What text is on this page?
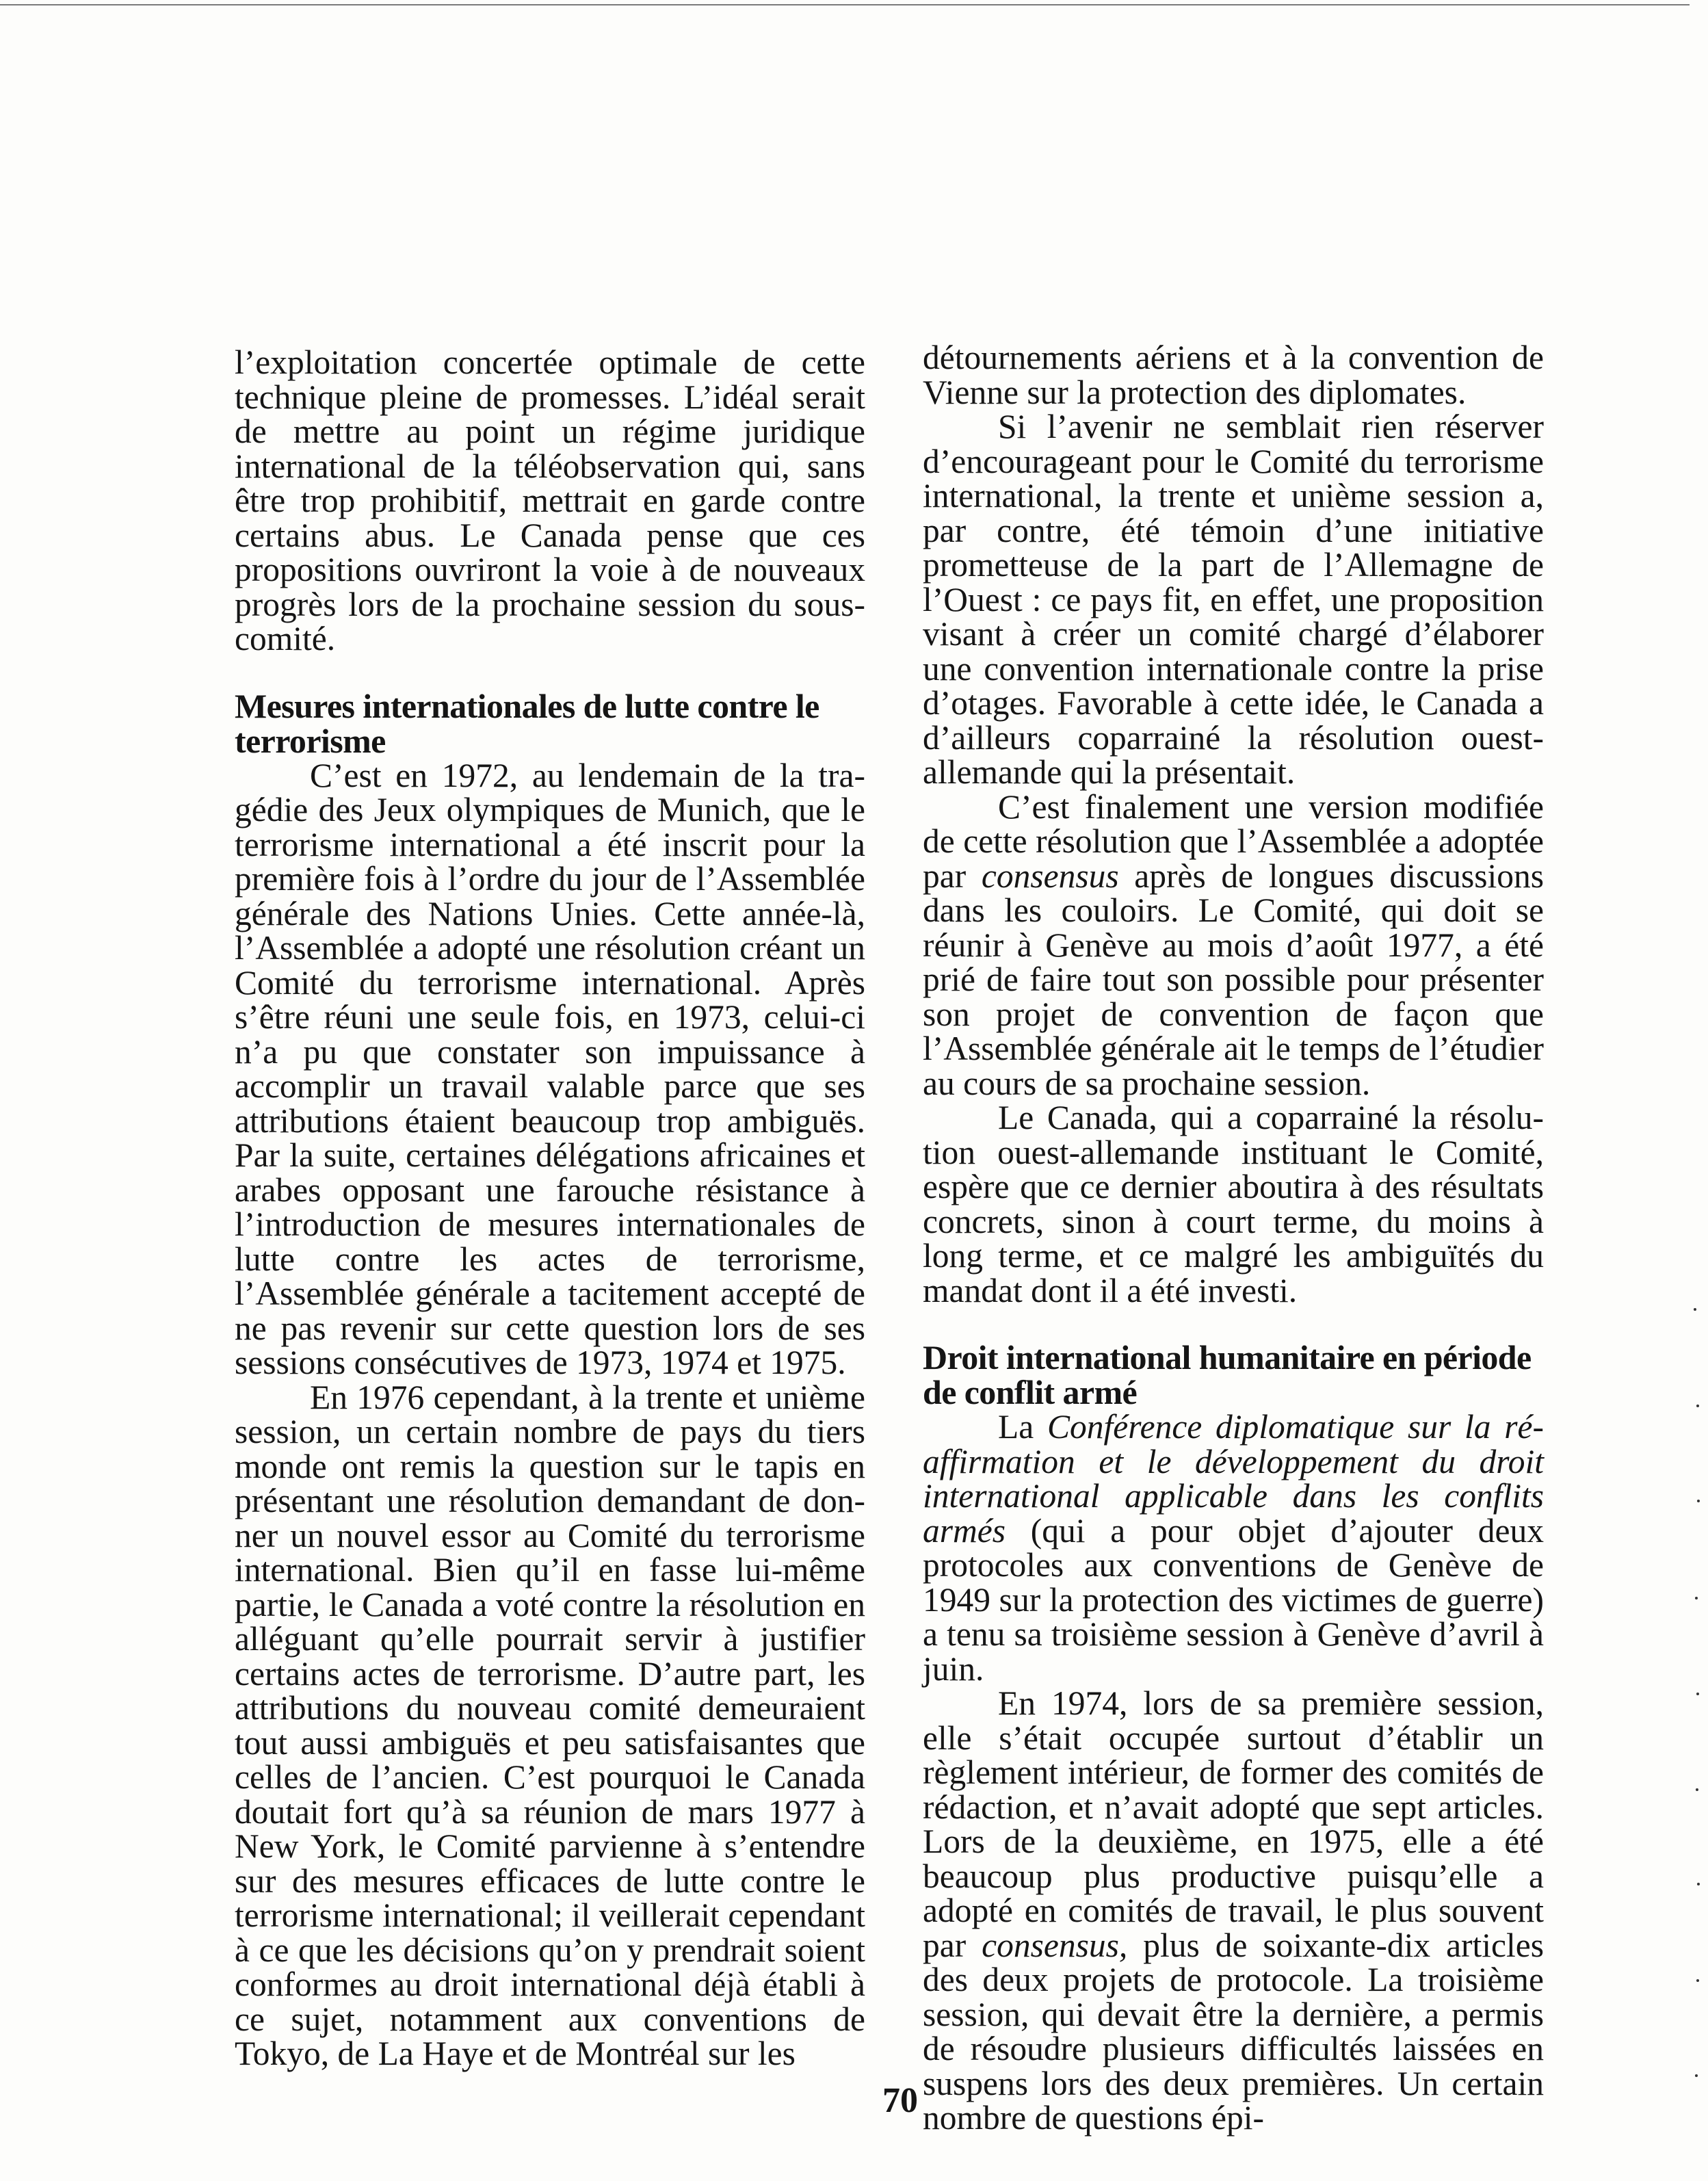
l’exploitation concertée optimale de cette technique pleine de promesses. L’idéal serait de mettre au point un régime juridique international de la téléobservation qui, sans être trop prohibitif, mettrait en garde contre certains abus. Le Canada pense que ces propositions ouvriront la voie à de nouveaux progrès lors de la prochaine session du sous-comité.

Mesures internationales de lutte contre le terrorisme

C’est en 1972, au lendemain de la tragédie des Jeux olympiques de Munich, que le terrorisme international a été inscrit pour la première fois à l’ordre du jour de l’Assemblée générale des Nations Unies. Cette année-là, l’Assemblée a adopté une résolution créant un Comité du terrorisme international. Après s’être réuni une seule fois, en 1973, celui-ci n’a pu que constater son impuissance à accomplir un travail valable parce que ses attributions étaient beaucoup trop ambiguës. Par la suite, certaines délégations africaines et arabes opposant une farouche résistance à l’introduction de mesures internationales de lutte contre les actes de terrorisme, l’Assemblée générale a tacitement accepté de ne pas revenir sur cette question lors de ses sessions consécutives de 1973, 1974 et 1975.

En 1976 cependant, à la trente et unième session, un certain nombre de pays du tiers monde ont remis la question sur le tapis en présentant une résolution demandant de donner un nouvel essor au Comité du terrorisme international. Bien qu’il en fasse lui-même partie, le Canada a voté contre la résolution en alléguant qu’elle pourrait servir à justifier certains actes de terrorisme. D’autre part, les attributions du nouveau comité demeuraient tout aussi ambiguës et peu satisfaisantes que celles de l’ancien. C’est pourquoi le Canada doutait fort qu’à sa réunion de mars 1977 à New York, le Comité parvienne à s’entendre sur des mesures efficaces de lutte contre le terrorisme international; il veillerait cependant à ce que les décisions qu’on y prendrait soient conformes au droit international déjà établi à ce sujet, notamment aux conventions de Tokyo, de La Haye et de Montréal sur les

détournements aériens et à la convention de Vienne sur la protection des diplomates.

Si l’avenir ne semblait rien réserver d’encourageant pour le Comité du terrorisme international, la trente et unième session a, par contre, été témoin d’une initiative prometteuse de la part de l’Allemagne de l’Ouest : ce pays fit, en effet, une proposition visant à créer un comité chargé d’élaborer une convention internationale contre la prise d’otages. Favorable à cette idée, le Canada a d’ailleurs coparrainé la résolution ouest-allemande qui la présentait.

C’est finalement une version modifiée de cette résolution que l’Assemblée a adoptée par consensus après de longues discussions dans les couloirs. Le Comité, qui doit se réunir à Genève au mois d’août 1977, a été prié de faire tout son possible pour présenter son projet de convention de façon que l’Assemblée générale ait le temps de l’étudier au cours de sa prochaine session.

Le Canada, qui a coparrainé la résolution ouest-allemande instituant le Comité, espère que ce dernier aboutira à des résultats concrets, sinon à court terme, du moins à long terme, et ce malgré les ambiguïtés du mandat dont il a été investi.

Droit international humanitaire en période de conflit armé

La Conférence diplomatique sur la réaffirmation et le développement du droit international applicable dans les conflits armés (qui a pour objet d’ajouter deux protocoles aux conventions de Genève de 1949 sur la protection des victimes de guerre) a tenu sa troisième session à Genève d’avril à juin.

En 1974, lors de sa première session, elle s’était occupée surtout d’établir un règlement intérieur, de former des comités de rédaction, et n’avait adopté que sept articles. Lors de la deuxième, en 1975, elle a été beaucoup plus productive puisqu’elle a adopté en comités de travail, le plus souvent par consensus, plus de soixante-dix articles des deux projets de protocole. La troisième session, qui devait être la dernière, a permis de résoudre plusieurs difficultés laissées en suspens lors des deux premières. Un certain nombre de questions épi-

70
